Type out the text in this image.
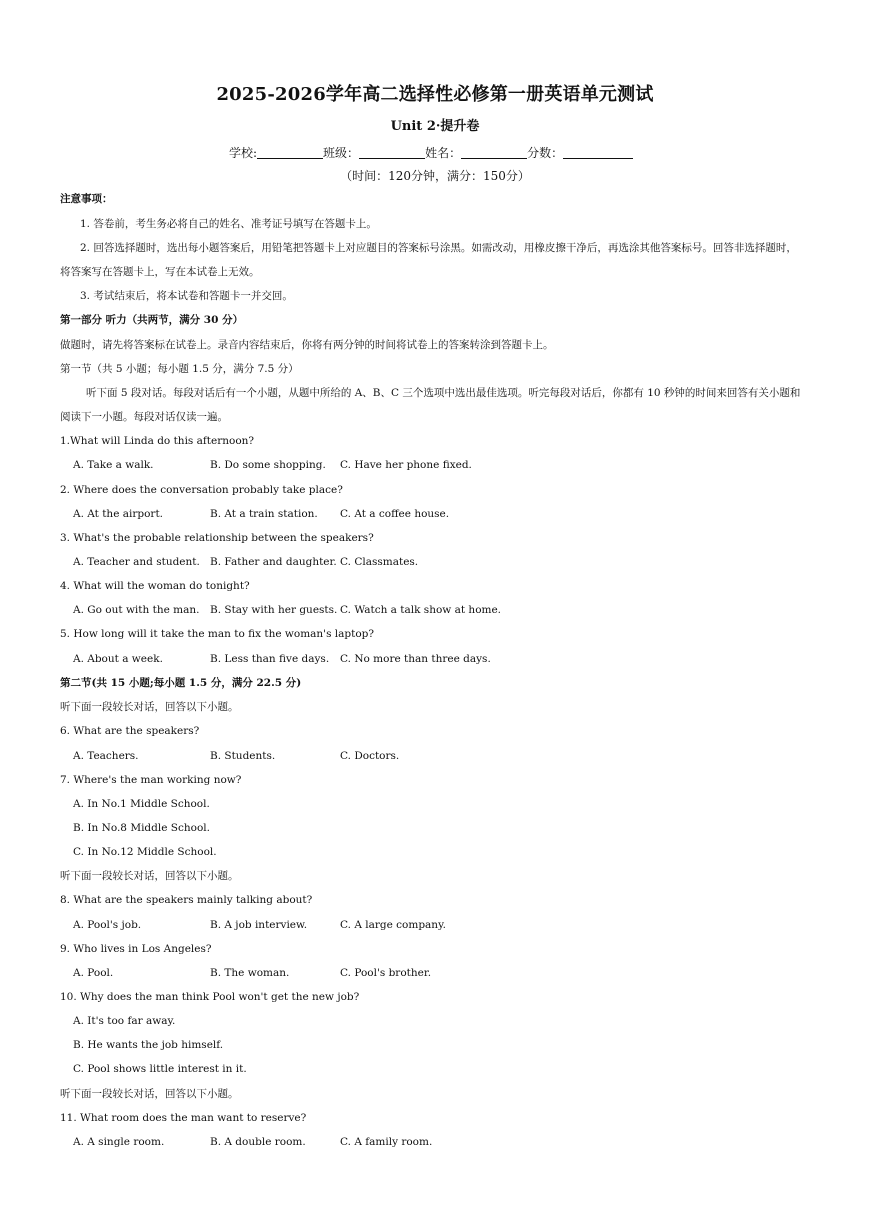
2025-2026学年高二选择性必修第一册英语单元测试
Unit 2·提升卷
学校:	班级：	姓名：	分数：
（时间：120分钟，满分：150分）
注意事项：
1. 答卷前，考生务必将自己的姓名、准考证号填写在答题卡上。
2. 回答选择题时，选出每小题答案后，用铅笔把答题卡上对应题目的答案标号涂黑。如需改动，用橡皮擦干净后，再选涂其他答案标号。回答非选择题时，
将答案写在答题卡上，写在本试卷上无效。
3. 考试结束后，将本试卷和答题卡一并交回。
第一部分 听力（共两节，满分 30 分）
做题时，请先将答案标在试卷上。录音内容结束后，你将有两分钟的时间将试卷上的答案转涂到答题卡上。
第一节（共 5 小题；每小题 1.5 分，满分 7.5 分）
听下面 5 段对话。每段对话后有一个小题，从题中所给的 A、B、C 三个选项中选出最佳选项。听完每段对话后，你都有 10 秒钟的时间来回答有关小题和
阅读下一小题。每段对话仅读一遍。
1.What will Linda do this afternoon?
A. Take a walk.	B. Do some shopping. C. Have her phone fixed.
2. Where does the conversation probably take place?
A. At the airport.	B. At a train station. C. At a coffee house.
3. What's the probable relationship between the speakers?
A. Teacher and student. B. Father and daughter. C. Classmates.
4. What will the woman do tonight?
A. Go out with the man. B. Stay with her guests. C. Watch a talk show at home.
5. How long will it take the man to fix the woman's laptop?
A. About a week.	B. Less than five days. C. No more than three days.
第二节(共 15 小题;每小题 1.5 分，满分 22.5 分)
听下面一段较长对话，回答以下小题。
6. What are the speakers?
A. Teachers.	B. Students.	C. Doctors.
7. Where's the man working now?
A. In No.1 Middle School.
B. In No.8 Middle School.
C. In No.12 Middle School.
听下面一段较长对话，回答以下小题。
8. What are the speakers mainly talking about?
A. Pool's job.	B. A job interview.	C. A large company.
9. Who lives in Los Angeles?
A. Pool.	B. The woman.	C. Pool's brother.
10. Why does the man think Pool won't get the new job?
A. It's too far away.
B. He wants the job himself.
C. Pool shows little interest in it.
听下面一段较长对话，回答以下小题。
11. What room does the man want to reserve?
A. A single room.	B. A double room.	C. A family room.
